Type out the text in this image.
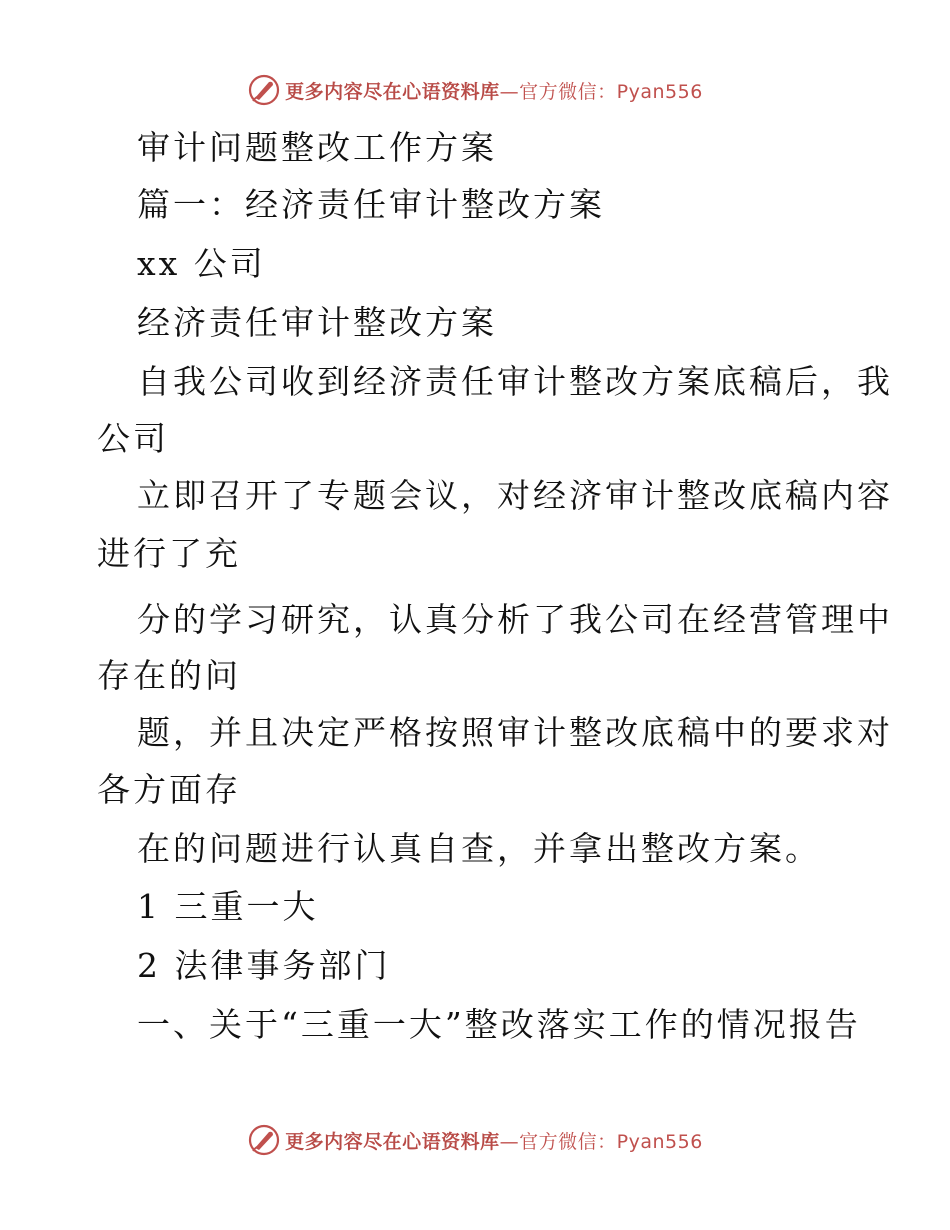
更多内容尽在心语资料库—官方微信：Pyan556
审计问题整改工作方案
篇一：经济责任审计整改方案
xx 公司
经济责任审计整改方案
自我公司收到经济责任审计整改方案底稿后，我
公司
立即召开了专题会议，对经济审计整改底稿内容
进行了充
分的学习研究，认真分析了我公司在经营管理中
存在的问
题，并且决定严格按照审计整改底稿中的要求对
各方面存
在的问题进行认真自查，并拿出整改方案。
1 三重一大
2 法律事务部门
一、关于“三重一大”整改落实工作的情况报告
更多内容尽在心语资料库—官方微信：Pyan556
